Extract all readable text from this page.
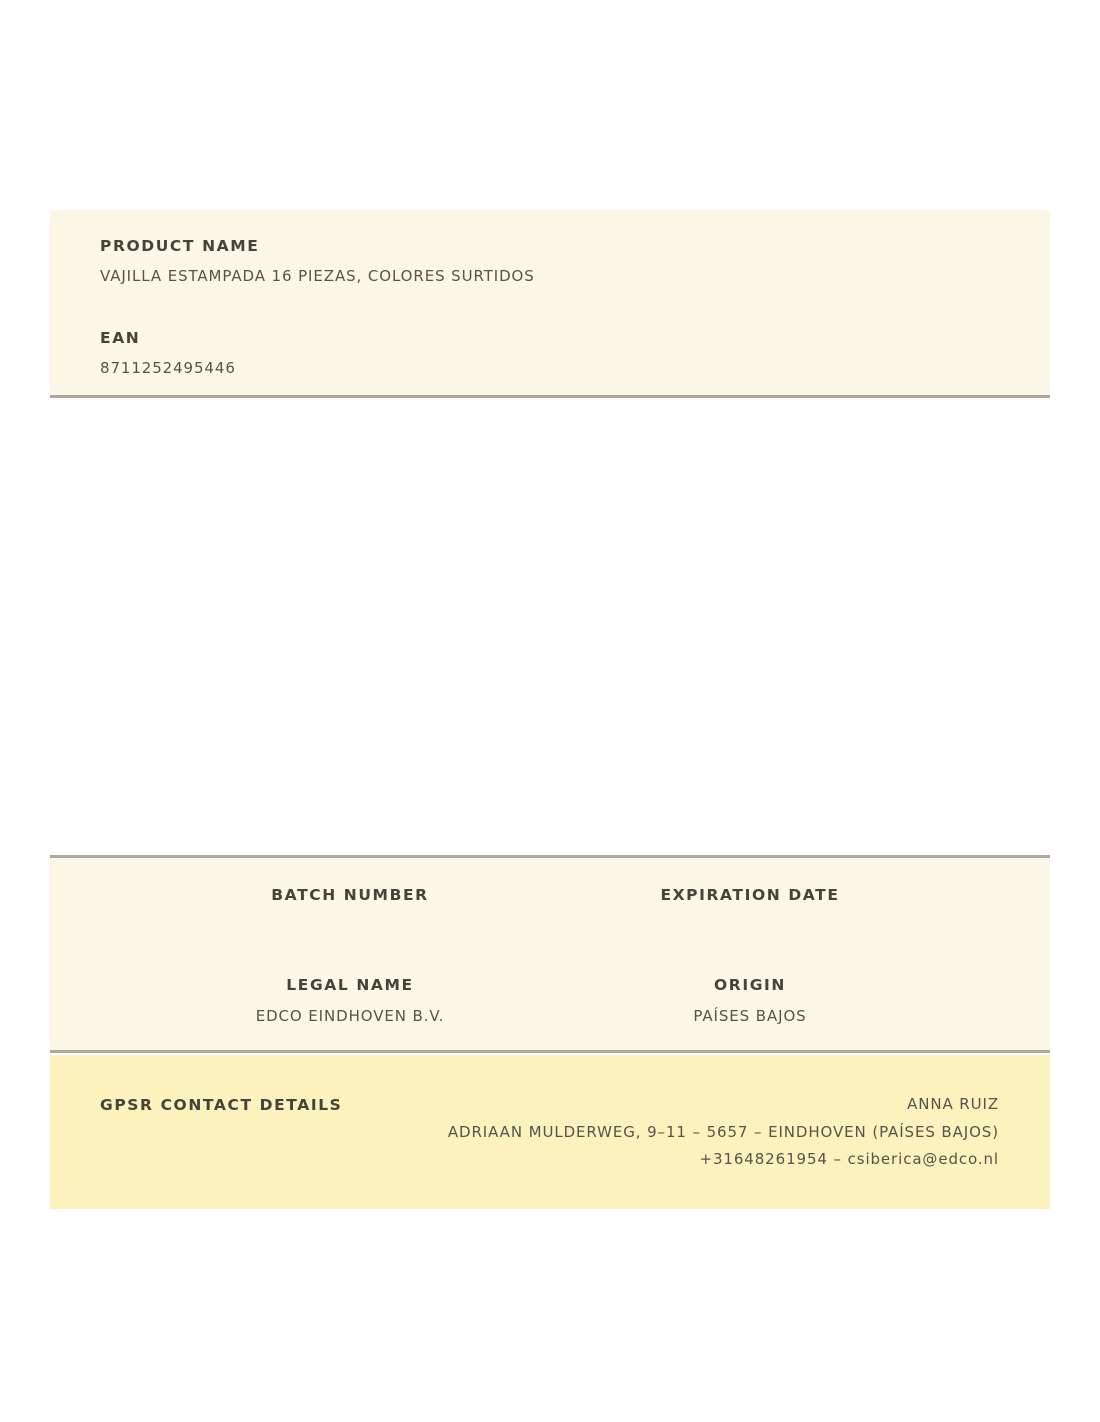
PRODUCT NAME
VAJILLA ESTAMPADA 16 PIEZAS, COLORES SURTIDOS
EAN
8711252495446
BATCH NUMBER	EXPIRATION DATE
LEGAL NAME
EDCO EINDHOVEN B.V.
ORIGIN
PAÍSES BAJOS
GPSR CONTACT DETAILS	ANNA RUIZ
ADRIAAN MULDERWEG, 9–11 – 5657 – EINDHOVEN (PAÍSES BAJOS)
+31648261954 – csiberica@edco.nl
